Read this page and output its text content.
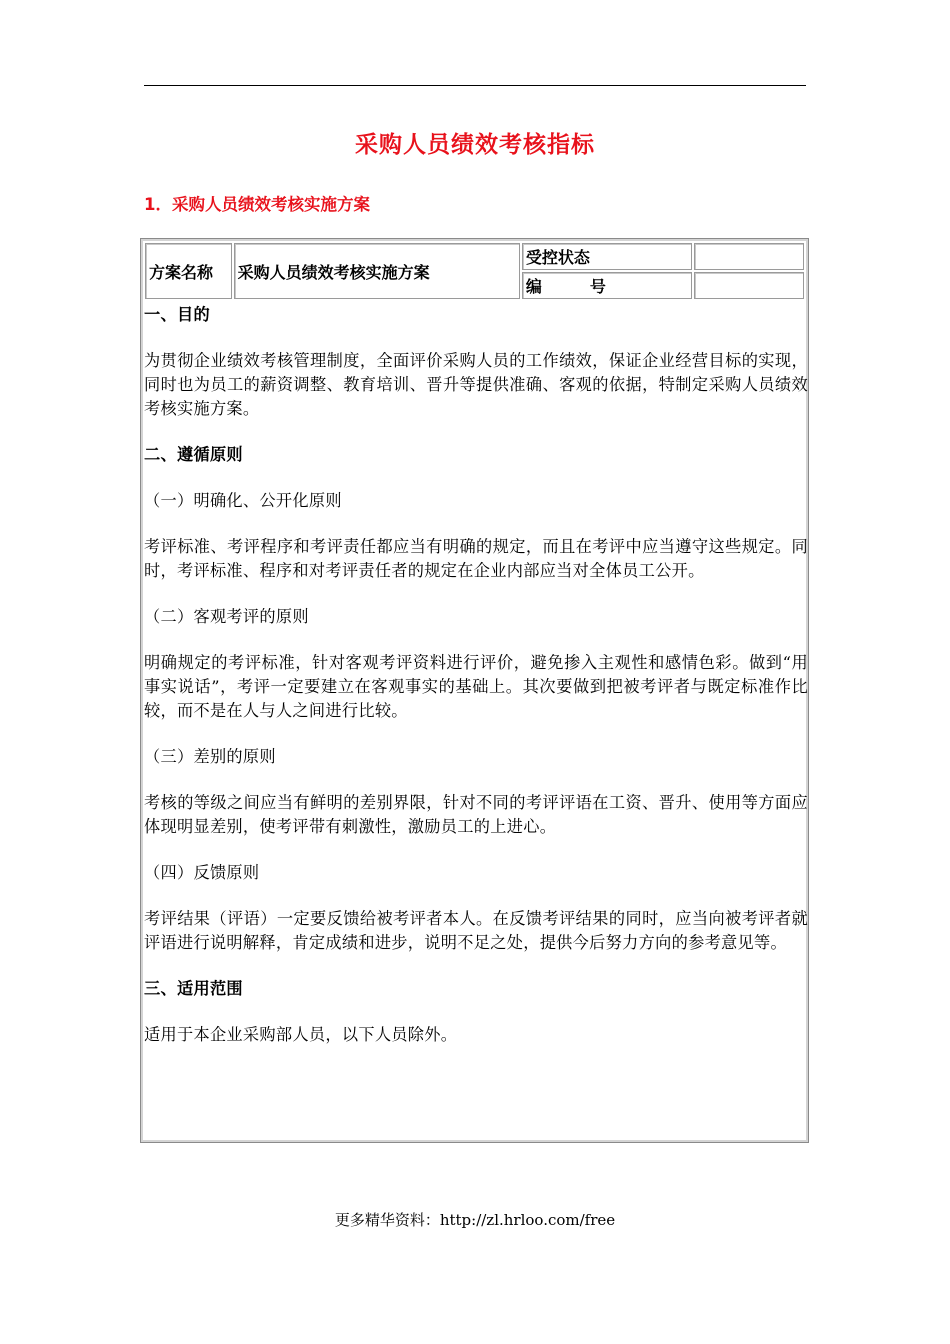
采购人员绩效考核指标
1．采购人员绩效考核实施方案
方案名称	采购人员绩效考核实施方案	受控状态	
		编　　　号	

一、目的

为贯彻企业绩效考核管理制度，全面评价采购人员的工作绩效，保证企业经营目标的实现，同时也为员工的薪资调整、教育培训、晋升等提供准确、客观的依据，特制定采购人员绩效考核实施方案。

二、遵循原则

（一）明确化、公开化原则

考评标准、考评程序和考评责任都应当有明确的规定，而且在考评中应当遵守这些规定。同时，考评标准、程序和对考评责任者的规定在企业内部应当对全体员工公开。

（二）客观考评的原则

明确规定的考评标准，针对客观考评资料进行评价，避免掺入主观性和感情色彩。做到“用事实说话”，考评一定要建立在客观事实的基础上。其次要做到把被考评者与既定标准作比较，而不是在人与人之间进行比较。

（三）差别的原则

考核的等级之间应当有鲜明的差别界限，针对不同的考评评语在工资、晋升、使用等方面应体现明显差别，使考评带有刺激性，激励员工的上进心。

（四）反馈原则

考评结果（评语）一定要反馈给被考评者本人。在反馈考评结果的同时，应当向被考评者就评语进行说明解释，肯定成绩和进步，说明不足之处，提供今后努力方向的参考意见等。

三、适用范围

适用于本企业采购部人员，以下人员除外。

更多精华资料：http://zl.hrloo.com/free
